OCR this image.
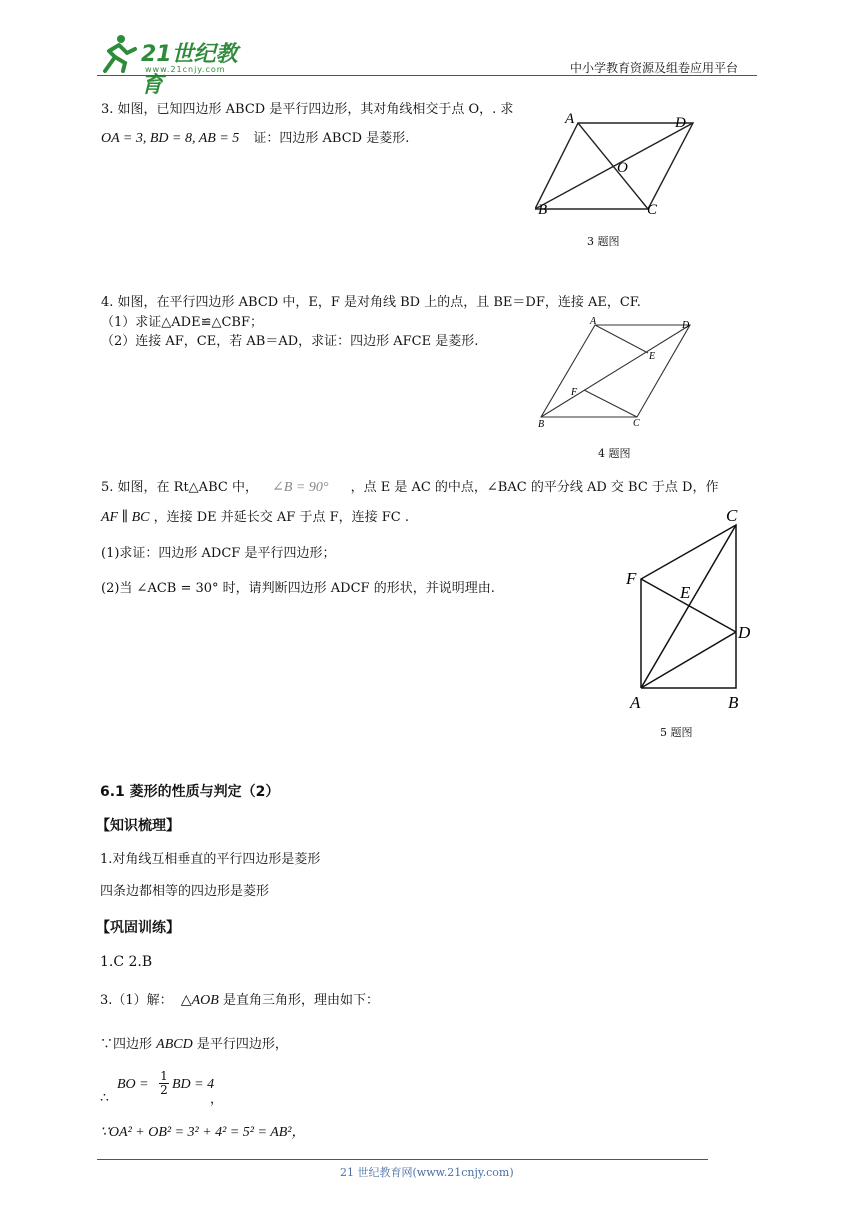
21世纪教育
www.21cnjy.com	中小学教育资源及组卷应用平台
3. 如图，已知四边形 ABCD 是平行四边形，其对角线相交于点 O，. 求
OA = 3, BD = 8, AB = 5 证：四边形 ABCD 是菱形.
A	D
O
B	C
3 题图
4. 如图，在平行四边形 ABCD 中，E，F 是对角线 BD 上的点，且 BE＝DF，连接 AE，CF.
（1）求证△ADE≌△CBF；
（2）连接 AF，CE，若 AB＝AD，求证：四边形 AFCE 是菱形.
A	D
E
F
B	C
4 题图
5. 如图，在 Rt△ABC 中， ∠B = 90° ，点 E 是 AC 的中点，∠BAC 的平分线 AD 交 BC 于点 D，作
AF ∥ BC ，连接 DE 并延长交 AF 于点 F，连接 FC .
(1)求证：四边形 ADCF 是平行四边形；
(2)当 ∠ACB = 30° 时，请判断四边形 ADCF 的形状，并说明理由.
C
F
E
D
A	B
5 题图
6.1 菱形的性质与判定（2）
【知识梳理】
1.对角线互相垂直的平行四边形是菱形
四条边都相等的四边形是菱形
【巩固训练】
1.C 2.B
3.（1）解： △AOB 是直角三角形，理由如下：
∵四边形 ABCD 是平行四边形，
∴
BO =
1
2 BD = 4
，
∵OA² + OB² = 3² + 4² = 5² = AB²，
21 世纪教育网(www.21cnjy.com)
